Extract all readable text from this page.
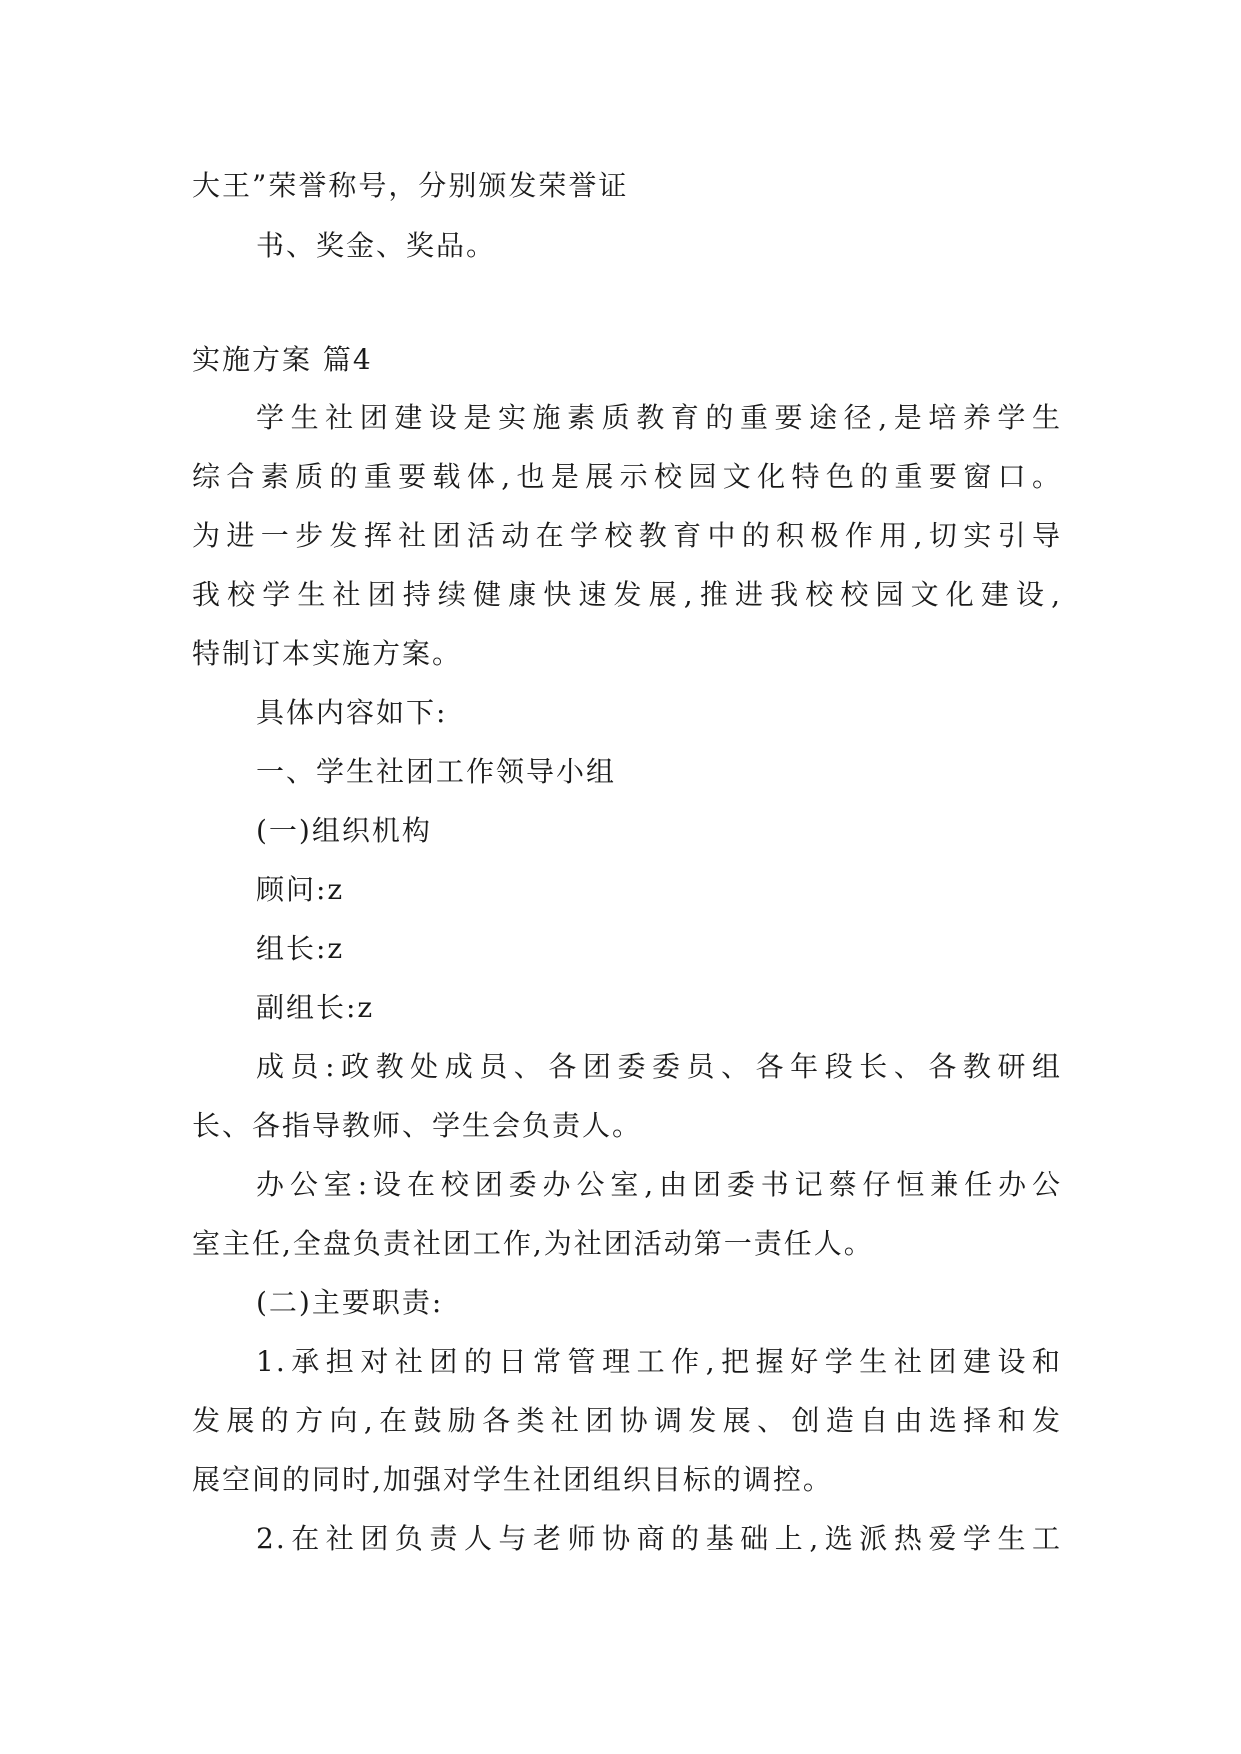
大王”荣誉称号，分别颁发荣誉证
书、奖金、奖品。
实施方案 篇4
学生社团建设是实施素质教育的重要途径,是培养学生
综合素质的重要载体,也是展示校园文化特色的重要窗口。
为进一步发挥社团活动在学校教育中的积极作用,切实引导
我校学生社团持续健康快速发展,推进我校校园文化建设,
特制订本实施方案。
具体内容如下:
一、学生社团工作领导小组
(一)组织机构
顾问:z
组长:z
副组长:z
成员:政教处成员、各团委委员、各年段长、各教研组
长、各指导教师、学生会负责人。
办公室:设在校团委办公室,由团委书记蔡仔恒兼任办公
室主任,全盘负责社团工作,为社团活动第一责任人。
(二)主要职责:
1.承担对社团的日常管理工作,把握好学生社团建设和
发展的方向,在鼓励各类社团协调发展、创造自由选择和发
展空间的同时,加强对学生社团组织目标的调控。
2.在社团负责人与老师协商的基础上,选派热爱学生工
